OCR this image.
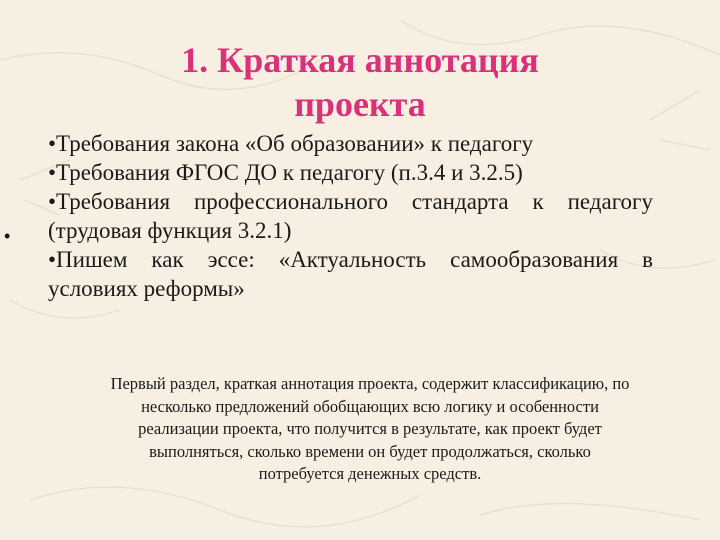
1. Краткая аннотация
проекта
•
•Требования закона «Об образовании» к педагогу
•Требования ФГОС ДО к педагогу (п.3.4 и 3.2.5)
•Требования профессионального стандарта к педагогу (трудовая функция 3.2.1)
•Пишем как эссе: «Актуальность самообразования в условиях реформы»
Первый раздел, краткая аннотация проекта, содержит классификацию, по
несколько предложений обобщающих всю логику и особенности
реализации проекта, что получится в результате, как проект будет
выполняться, сколько времени он будет продолжаться, сколько
потребуется денежных средств.
